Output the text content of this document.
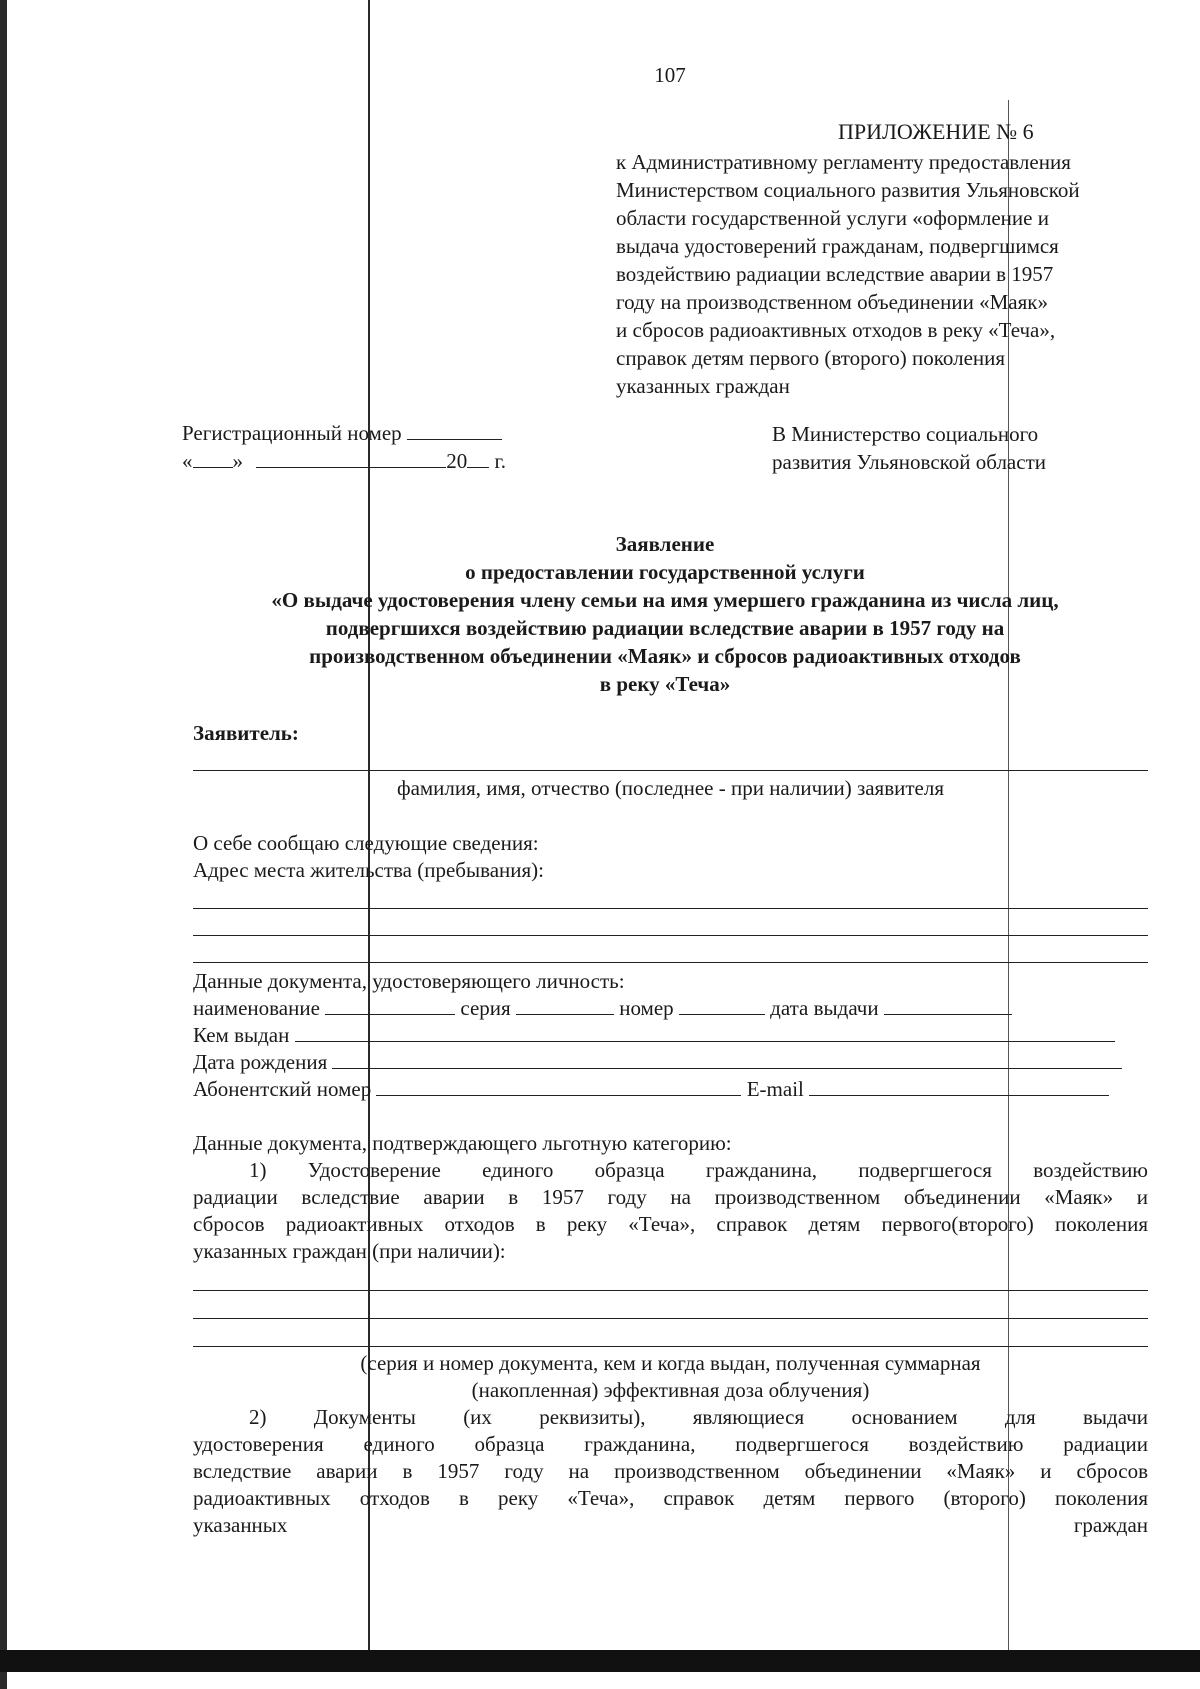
107
ПРИЛОЖЕНИЕ № 6
к Административному регламенту предоставления
Министерством социального развития Ульяновской
области государственной услуги «оформление и
выдача удостоверений гражданам, подвергшимся
воздействию радиации вследствие аварии в 1957
году на производственном объединении «Маяк»
и сбросов радиоактивных отходов в реку «Теча»,
справок детям первого (второго) поколения
указанных граждан
Регистрационный номер
« »	20 г.
В Министерство социального
развития Ульяновской области
Заявление
о предоставлении государственной услуги
«О выдаче удостоверения члену семьи на имя умершего гражданина из числа лиц,
подвергшихся воздействию радиации вследствие аварии в 1957 году на
производственном объединении «Маяк» и сбросов радиоактивных отходов
в реку «Теча»
Заявитель:
фамилия, имя, отчество (последнее - при наличии) заявителя
О себе сообщаю следующие сведения:
Адрес места жительства (пребывания):
Данные документа, удостоверяющего личность:
наименование	серия	номер	дата выдачи
Кем выдан
Дата рождения
Абонентский номер	E-mail
Данные документа, подтверждающего льготную категорию:
1) Удостоверение единого образца гражданина, подвергшегося воздействию
радиации вследствие аварии в 1957 году на производственном объединении «Маяк» и
сбросов радиоактивных отходов в реку «Теча», справок детям первого(второго) поколения
указанных граждан (при наличии):
(серия и номер документа, кем и когда выдан, полученная суммарная
(накопленная) эффективная доза облучения)
2) Документы (их реквизиты), являющиеся основанием для выдачи
удостоверения единого образца гражданина, подвергшегося воздействию радиации
вследствие аварии в 1957 году на производственном объединении «Маяк» и сбросов
радиоактивных отходов в реку «Теча», справок детям первого (второго) поколения
указанных	граждан
